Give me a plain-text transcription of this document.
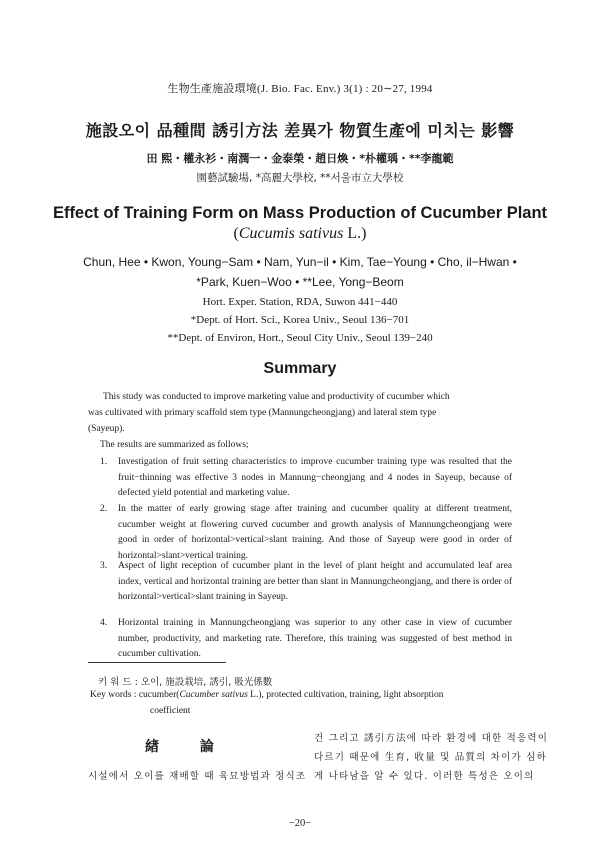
生物生產施設環境(J. Bio. Fac. Env.) 3(1) : 20∼27, 1994
施設오이 品種間 誘引方法 差異가 物質生產에 미치는 影響
田 熙・權永衫・南潤一・金泰榮・趙日煥・*朴權瑀・**李龍範
園藝試驗場, *高麗大學校, **서울市立大學校
Effect of Training Form on Mass Production of Cucumber Plant
(Cucumis sativus L.)
Chun, Hee • Kwon, Young−Sam • Nam, Yun−il • Kim, Tae−Young • Cho, il−Hwan •
*Park, Kuen−Woo • **Lee, Yong−Beom
Hort. Exper. Station, RDA, Suwon 441−440
*Dept. of Hort. Sci., Korea Univ., Seoul 136−701
**Dept. of Environ, Hort., Seoul City Univ., Seoul 139−240
Summary
This study was conducted to improve marketing value and productivity of cucumber which
was cultivated with primary scaffold stem type (Mannungcheongjang) and lateral stem type
(Sayeup).
The results are summarized as follows;
1. Investigation of fruit setting characteristics to improve cucumber training type was resulted that the fruit−thinning was effective 3 nodes in Mannung−cheongjang and 4 nodes in Sayeup, because of defected yield potential and marketing value.
2. In the matter of early growing stage after training and cucumber quality at different treatment, cucumber weight at flowering curved cucumber and growth analysis of Mannungcheongjang were good in order of horizontal>vertical>slant training. And those of Sayeup were good in order of horizontal>slant>vertical training.
3. Aspect of light reception of cucumber plant in the level of plant height and accumulated leaf area index, vertical and horizontal training are better than slant in Mannungcheongjang, and there is order of horizontal>vertical>slant training in Sayeup.
4. Horizontal training in Mannungcheongjang was superior to any other case in view of cucumber number, productivity, and marketing rate. Therefore, this training was suggested of best method in cucumber cultivation.
키 워 드 : 오이, 施設栽培, 誘引, 吸光係數
Key words : cucumber(Cucumber sativus L.), protected cultivation, training, light absorption
coefficient
緖 論
시설에서 오이를 재배할 때 육묘방법과 정식조
건 그리고 誘引方法에 따라 환경에 대한 적응력이
다르기 때문에 生育, 收量 및 品質의 차이가 심하
게 나타남을 알 수 있다. 이러한 특성은 오이의
−20−
